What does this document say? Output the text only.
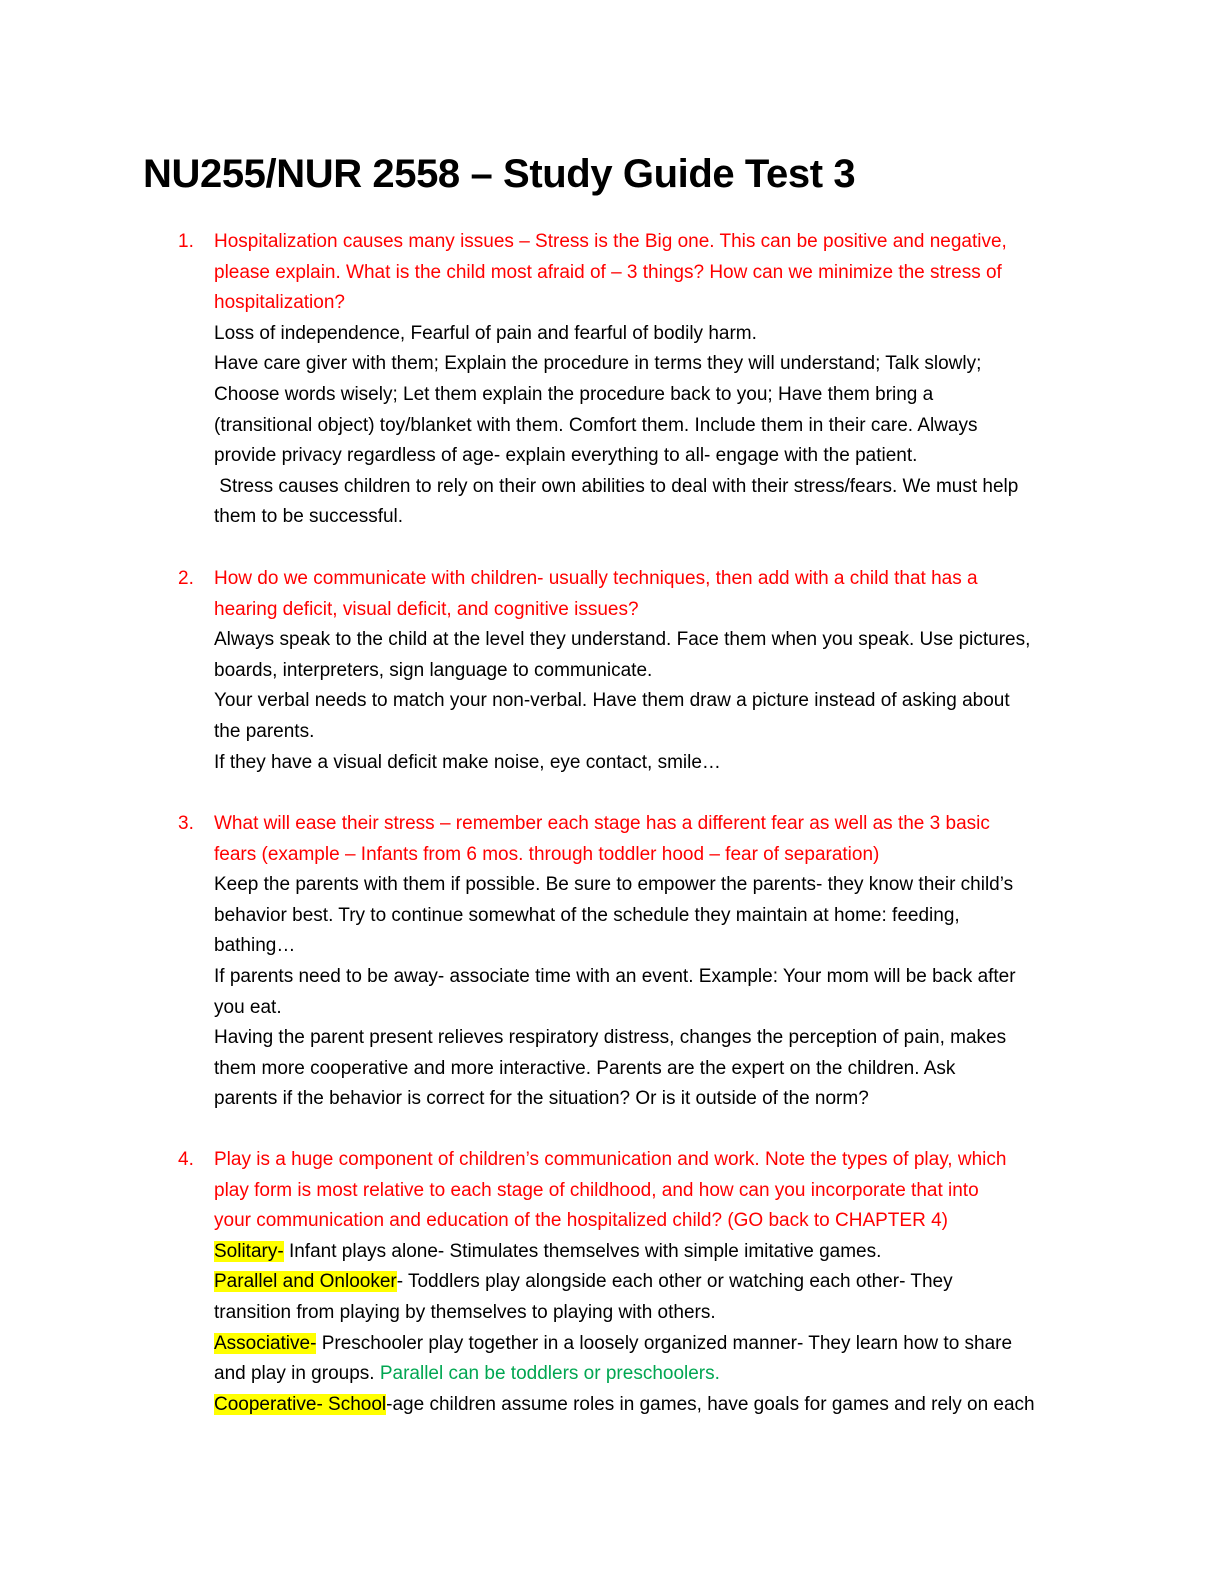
NU255/NUR 2558 – Study Guide Test 3
1. Hospitalization causes many issues – Stress is the Big one. This can be positive and negative,
please explain. What is the child most afraid of – 3 things? How can we minimize the stress of
hospitalization?
Loss of independence, Fearful of pain and fearful of bodily harm.
Have care giver with them; Explain the procedure in terms they will understand; Talk slowly;
Choose words wisely; Let them explain the procedure back to you; Have them bring a
(transitional object) toy/blanket with them. Comfort them. Include them in their care. Always
provide privacy regardless of age- explain everything to all- engage with the patient.
Stress causes children to rely on their own abilities to deal with their stress/fears. We must help
them to be successful.
2. How do we communicate with children- usually techniques, then add with a child that has a
hearing deficit, visual deficit, and cognitive issues?
Always speak to the child at the level they understand. Face them when you speak. Use pictures,
boards, interpreters, sign language to communicate.
Your verbal needs to match your non-verbal. Have them draw a picture instead of asking about
the parents.
If they have a visual deficit make noise, eye contact, smile…
3. What will ease their stress – remember each stage has a different fear as well as the 3 basic
fears (example – Infants from 6 mos. through toddler hood – fear of separation)
Keep the parents with them if possible. Be sure to empower the parents- they know their child’s
behavior best. Try to continue somewhat of the schedule they maintain at home: feeding,
bathing…
If parents need to be away- associate time with an event. Example: Your mom will be back after
you eat.
Having the parent present relieves respiratory distress, changes the perception of pain, makes
them more cooperative and more interactive. Parents are the expert on the children. Ask
parents if the behavior is correct for the situation? Or is it outside of the norm?
4. Play is a huge component of children’s communication and work. Note the types of play, which
play form is most relative to each stage of childhood, and how can you incorporate that into
your communication and education of the hospitalized child? (GO back to CHAPTER 4)
Solitary- Infant plays alone- Stimulates themselves with simple imitative games.
Parallel and Onlooker- Toddlers play alongside each other or watching each other- They
transition from playing by themselves to playing with others.
Associative- Preschooler play together in a loosely organized manner- They learn how to share
and play in groups. Parallel can be toddlers or preschoolers.
Cooperative- School-age children assume roles in games, have goals for games and rely on each
